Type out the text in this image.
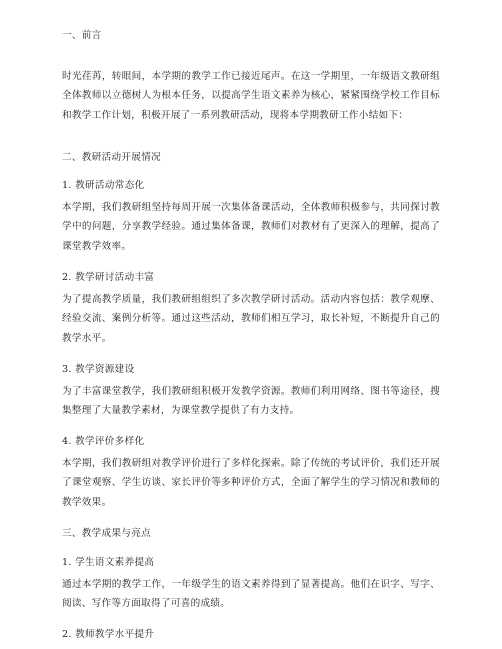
一、前言
时光荏苒，转眼间，本学期的教学工作已接近尾声。在这一学期里，一年级语文教研组全体教师以立德树人为根本任务，以提高学生语文素养为核心，紧紧围绕学校工作目标和教学工作计划，积极开展了一系列教研活动，现将本学期教研工作小结如下：
二、教研活动开展情况
1. 教研活动常态化
本学期，我们教研组坚持每周开展一次集体备课活动，全体教师积极参与，共同探讨教学中的问题，分享教学经验。通过集体备课，教师们对教材有了更深入的理解，提高了课堂教学效率。
2. 教学研讨活动丰富
为了提高教学质量，我们教研组组织了多次教学研讨活动。活动内容包括：教学观摩、经验交流、案例分析等。通过这些活动，教师们相互学习，取长补短，不断提升自己的教学水平。
3. 教学资源建设
为了丰富课堂教学，我们教研组积极开发教学资源。教师们利用网络、图书等途径，搜集整理了大量教学素材，为课堂教学提供了有力支持。
4. 教学评价多样化
本学期，我们教研组对教学评价进行了多样化探索。除了传统的考试评价，我们还开展了课堂观察、学生访谈、家长评价等多种评价方式，全面了解学生的学习情况和教师的教学效果。
三、教学成果与亮点
1. 学生语文素养提高
通过本学期的教学工作，一年级学生的语文素养得到了显著提高。他们在识字、写字、阅读、写作等方面取得了可喜的成绩。
2. 教师教学水平提升
